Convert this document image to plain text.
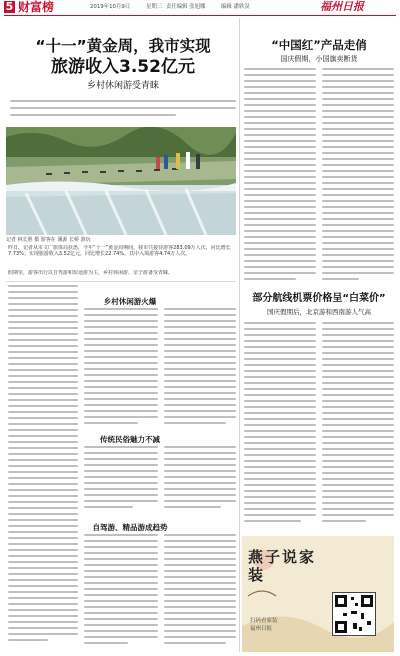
5 财富榜	2019年10月9日	星期三 责任编辑 张旭娜	编辑 潘轶淏	福州日报
“十一”黄金周，我市实现
旅游收入3.52亿元
乡村休闲游受青睐
记者 林长胜 摄 游客在 溪源 长桥 游玩
昨日，记者从市文广旅体局获悉，今年“十一”黄金周期间，我市共接待游客283.09万人次，同比增长7.73%；实现旅游收入3.52亿元，同比增长22.74%，其中入境游客4.74万人次。
假期里，游客出行以自驾游和短途游为主，乡村休闲游、亲子游备受青睐。
乡村休闲游火爆
传统民俗魅力不减
自驾游、精品游成趋势
“中国红”产品走俏
国庆假期，小国旗卖断货
部分航线机票价格呈“白菜价”
国庆假期后，北京游和西南游人气高
燕子说家装
扫码看家装
福州日报
